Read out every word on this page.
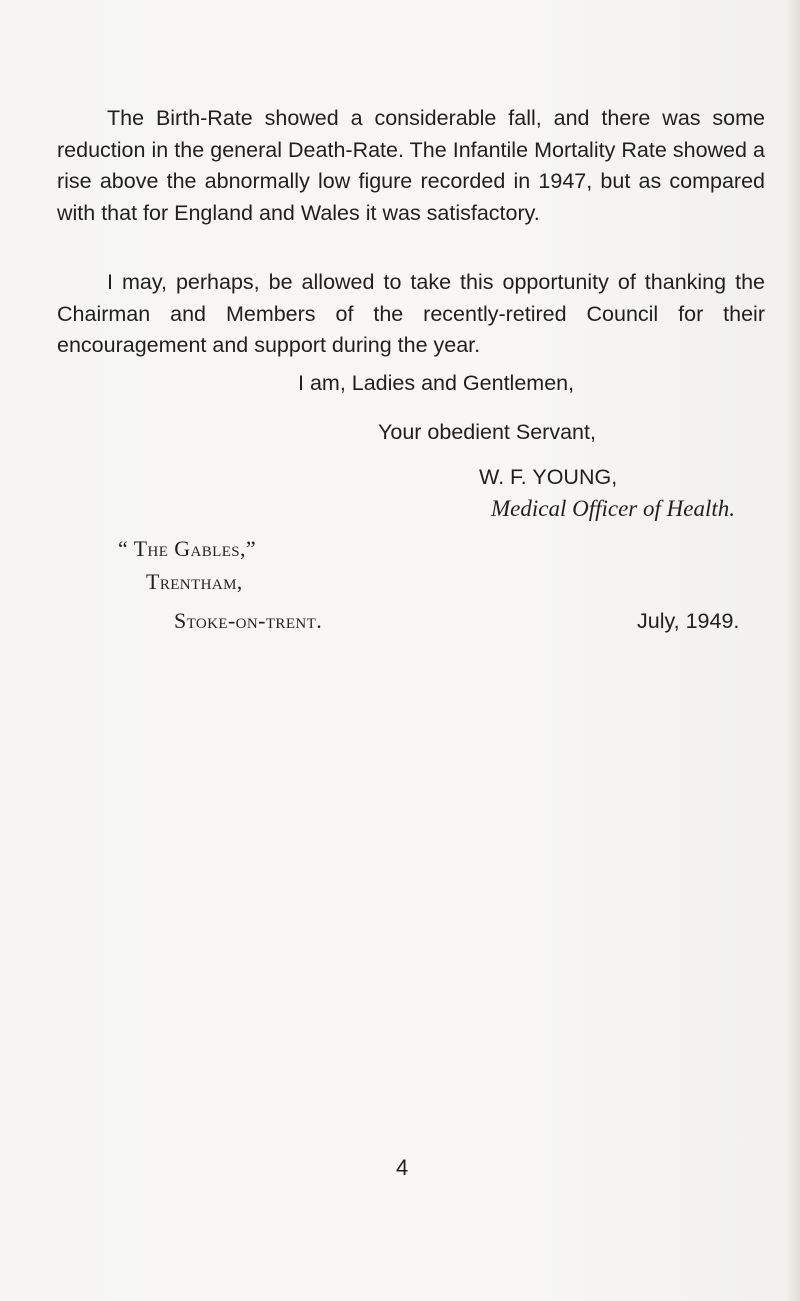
The Birth-Rate showed a considerable fall, and there was some reduction in the general Death-Rate. The Infantile Mortality Rate showed a rise above the abnormally low figure recorded in 1947, but as compared with that for England and Wales it was satisfactory.

I may, perhaps, be allowed to take this opportunity of thanking the Chairman and Members of the recently-retired Council for their encouragement and support during the year.

I am, Ladies and Gentlemen,

Your obedient Servant,

W. F. YOUNG,

Medical Officer of Health.

“ The Gables,”

Trentham,

Stoke-on-trent.	July, 1949.

4
